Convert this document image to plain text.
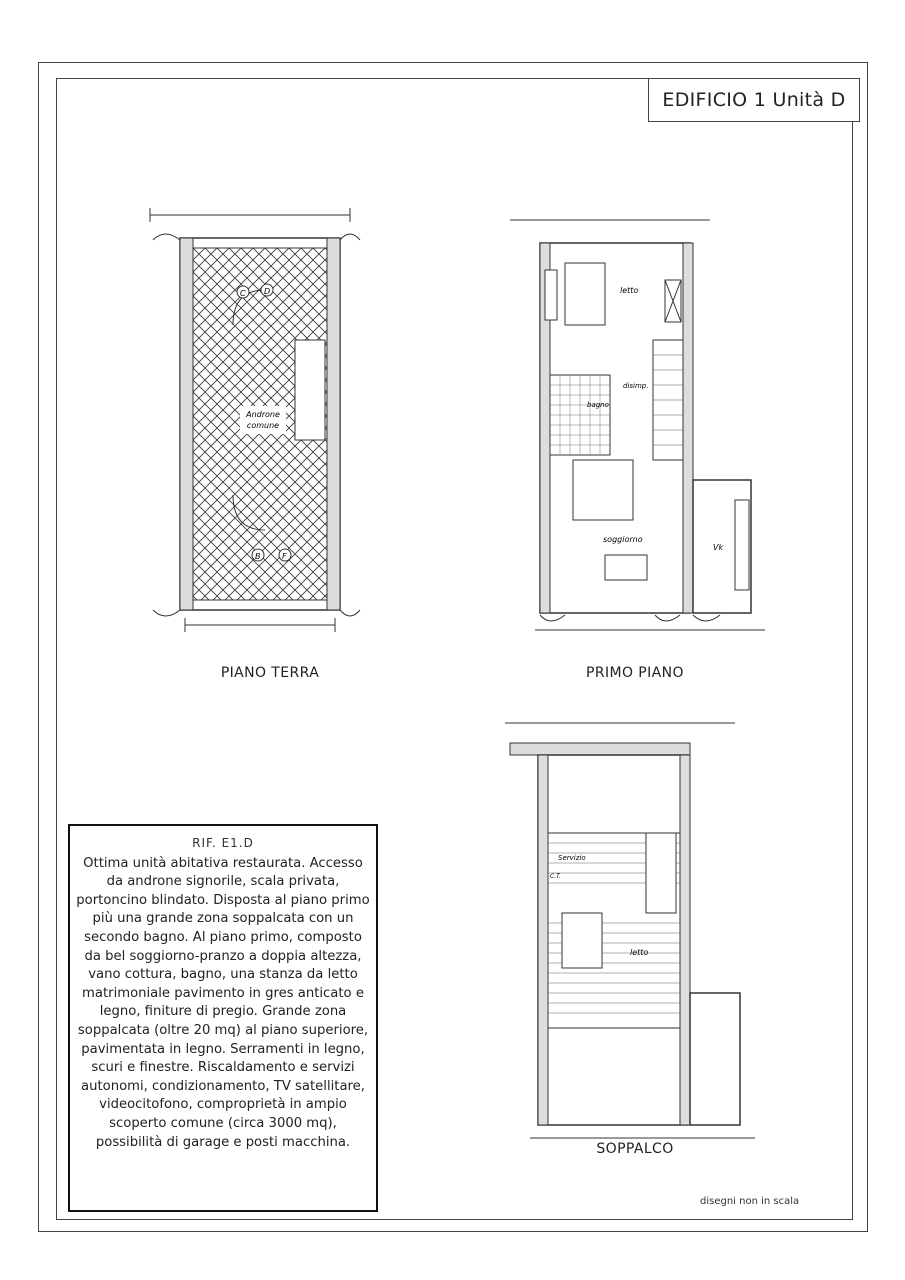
EDIFICIO 1 Unità D
C D
B	F
Androne
comune
PIANO TERRA
letto
bagno
disimp.
soggiorno
Vk
PRIMO PIANO
Servizio
C.T.
letto
SOPPALCO
RIF. E1.D
Ottima unità abitativa restaurata. Accesso da androne signorile, scala privata, portoncino blindato. Disposta al piano primo più una grande zona soppalcata con un secondo bagno. Al piano primo, composto da bel soggiorno-pranzo a doppia altezza, vano cottura, bagno, una stanza da letto matrimoniale pavimento in gres anticato e legno, finiture di pregio. Grande zona soppalcata (oltre 20 mq) al piano superiore, pavimentata in legno. Serramenti in legno, scuri e finestre. Riscaldamento e servizi autonomi, condizionamento, TV satellitare, videocitofono, comproprietà in ampio scoperto comune (circa 3000 mq), possibilità di garage e posti macchina.
disegni non in scala
